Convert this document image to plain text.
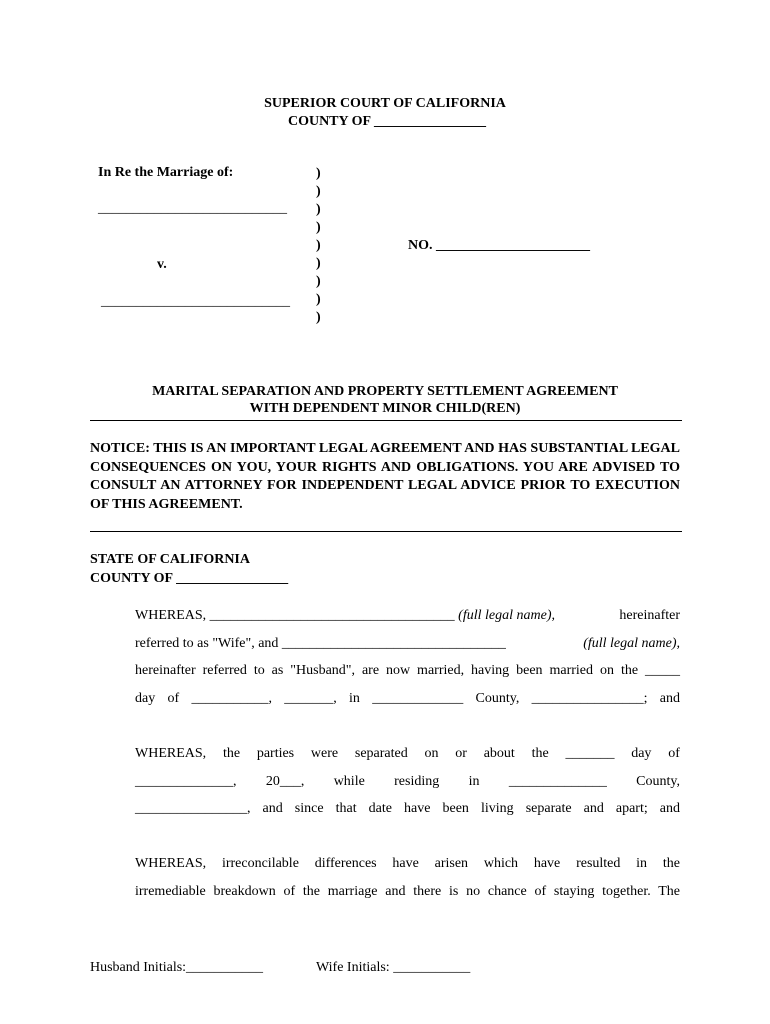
SUPERIOR COURT OF CALIFORNIA
COUNTY OF ________________
In Re the Marriage of:
___________________________
v.
___________________________
NO. ______________________
)
)
)
)
)
)
)
)
)
MARITAL SEPARATION AND PROPERTY SETTLEMENT AGREEMENT
WITH DEPENDENT MINOR CHILD(REN)
NOTICE: THIS IS AN IMPORTANT LEGAL AGREEMENT AND HAS SUBSTANTIAL LEGAL CONSEQUENCES ON YOU, YOUR RIGHTS AND OBLIGATIONS. YOU ARE ADVISED TO CONSULT AN ATTORNEY FOR INDEPENDENT LEGAL ADVICE PRIOR TO EXECUTION OF THIS AGREEMENT.
STATE OF CALIFORNIA
COUNTY OF ________________
WHEREAS, ___________________________________ (full legal name),	hereinafter
referred to as "Wife", and ________________________________	(full legal name),
hereinafter referred to as "Husband", are now married, having been married on the _____
day of ___________, _______, in _____________ County, ________________; and
WHEREAS, the parties were separated on or about the _______ day of
______________, 20___, while residing in ______________ County,
________________, and since that date have been living separate and apart; and
WHEREAS, irreconcilable differences have arisen which have resulted in the
irremediable breakdown of the marriage and there is no chance of staying together. The
Husband Initials:___________	Wife Initials: ___________
